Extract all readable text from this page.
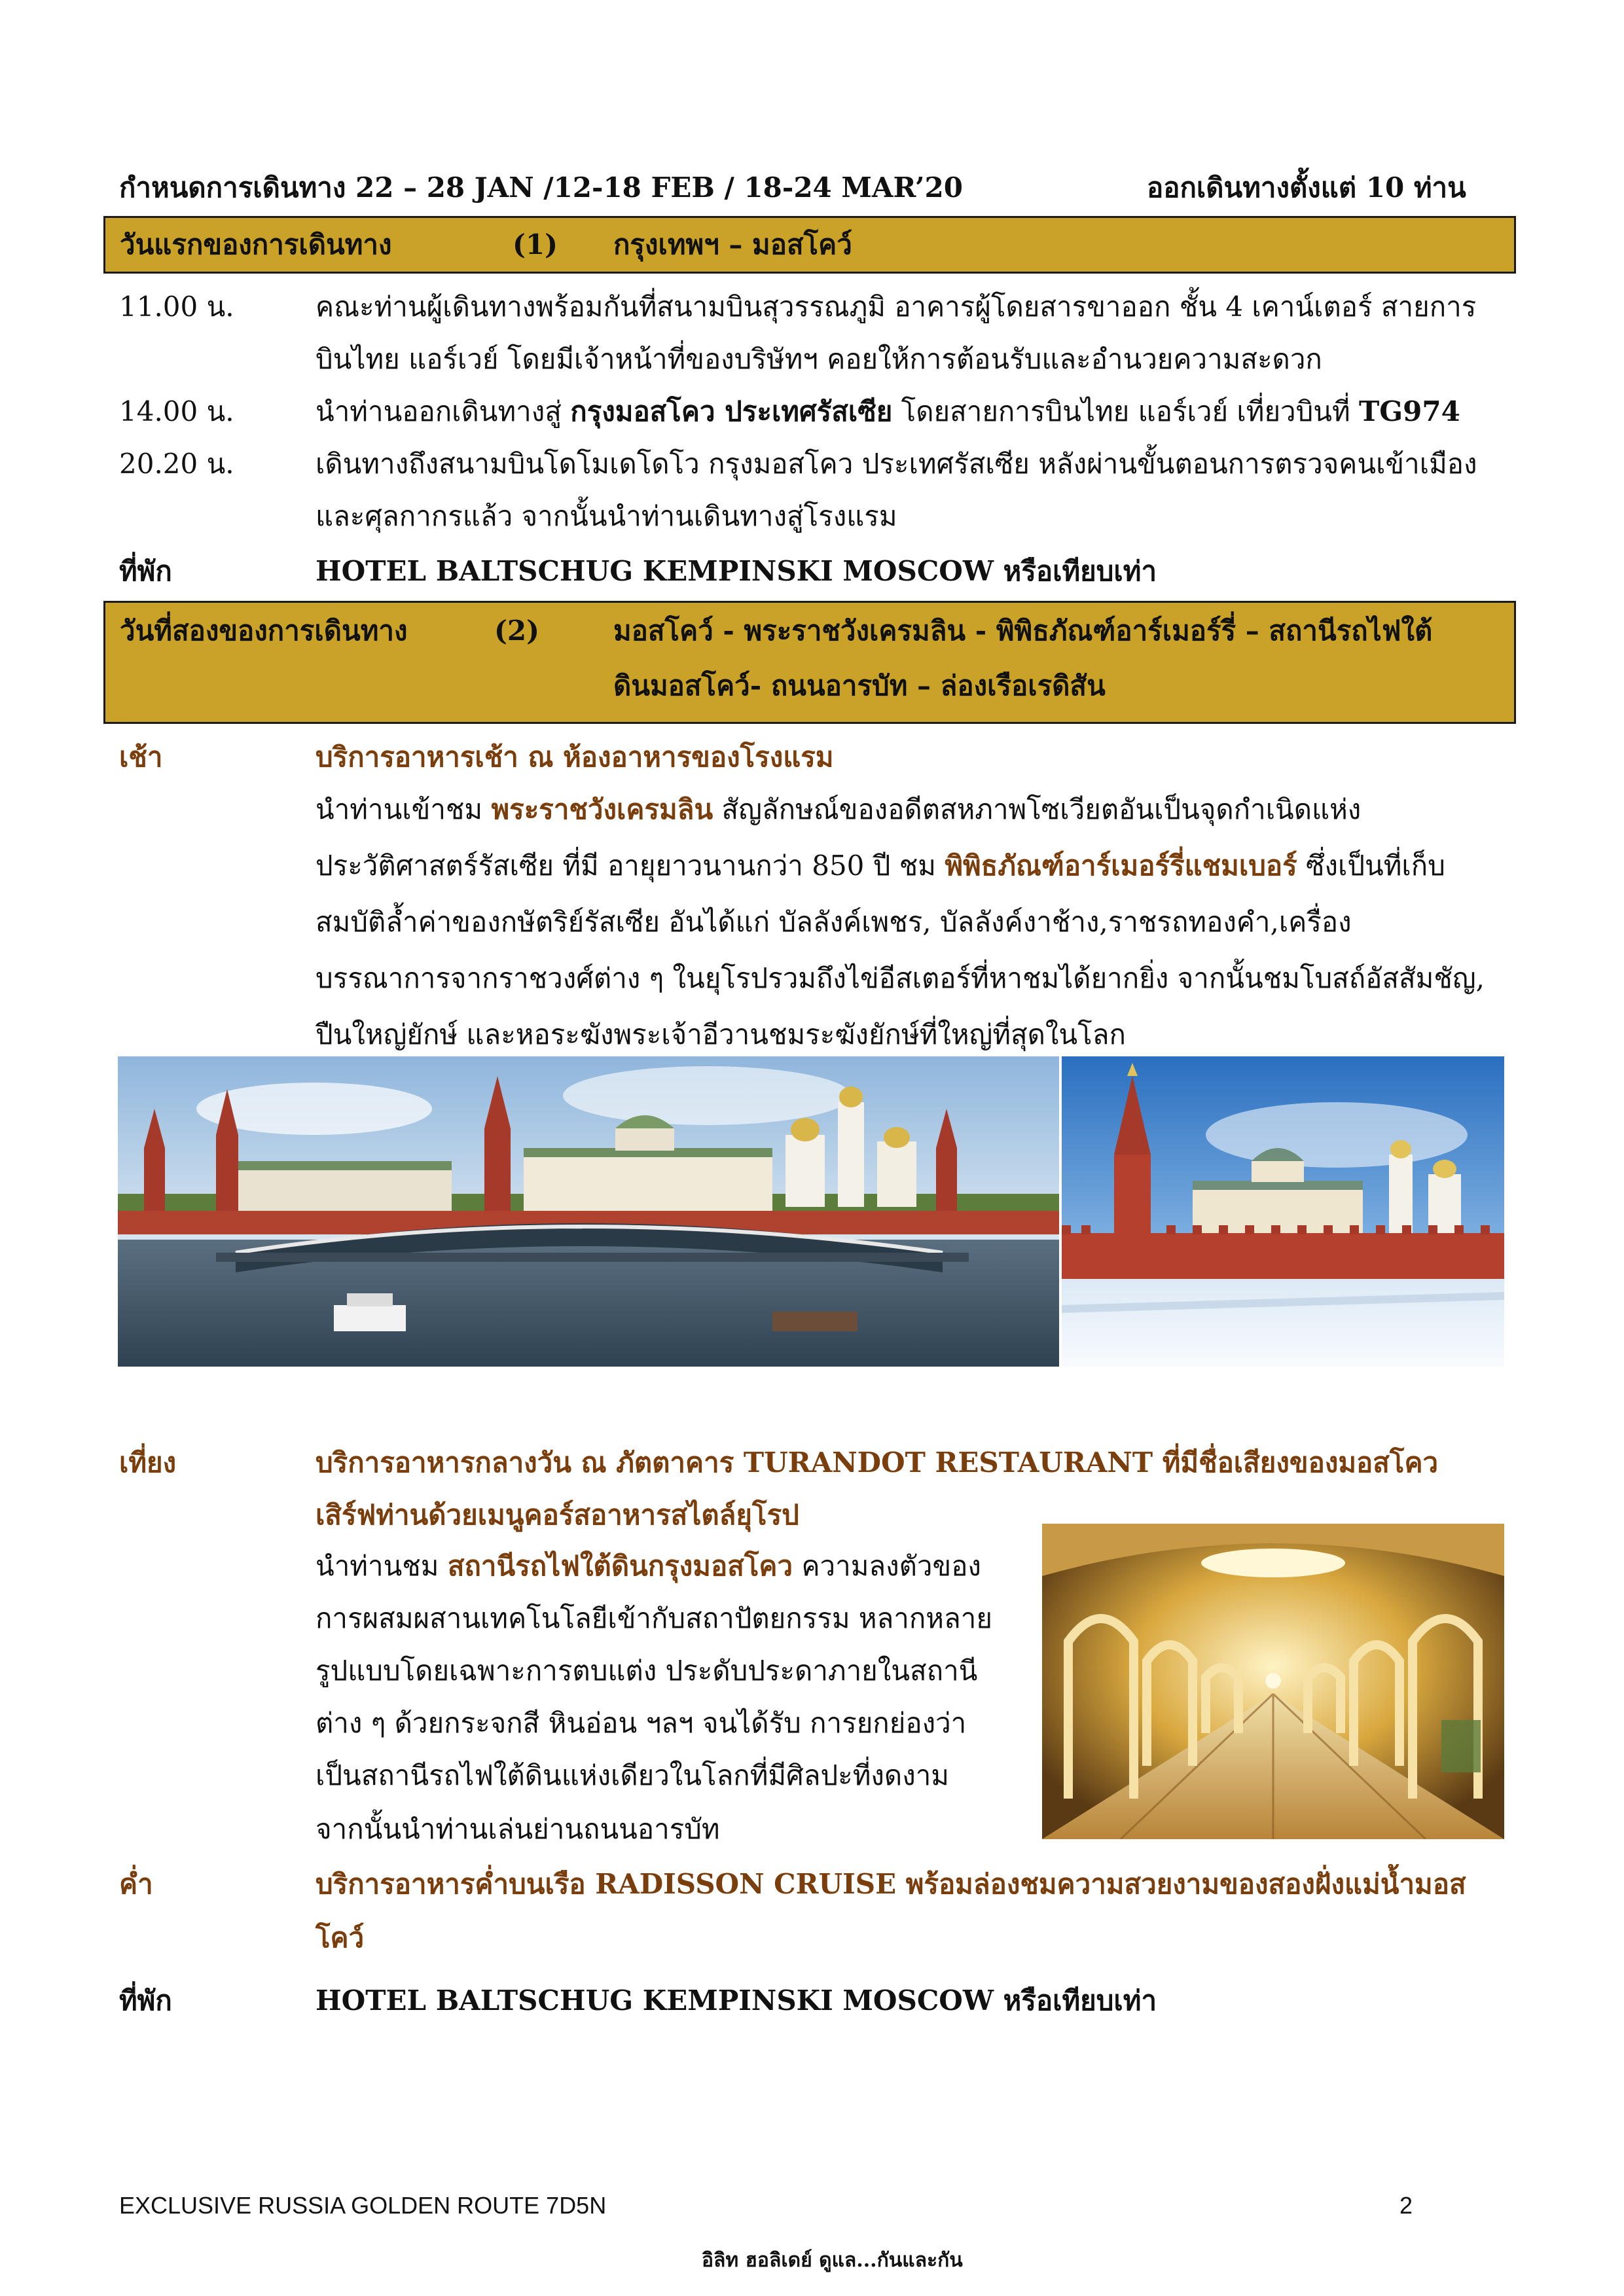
กำหนดการเดินทาง 22 – 28 JAN /12-18 FEB / 18-24 MAR’20	ออกเดินทางตั้งแต่ 10 ท่าน
วันแรกของการเดินทาง	(1) กรุงเทพฯ – มอสโคว์
11.00 น.	คณะท่านผู้เดินทางพร้อมกันที่สนามบินสุวรรณภูมิ อาคารผู้โดยสารขาออก ชั้น 4 เคาน์เตอร์ สายการ
บินไทย แอร์เวย์ โดยมีเจ้าหน้าที่ของบริษัทฯ คอยให้การต้อนรับและอำนวยความสะดวก
14.00 น.	นำท่านออกเดินทางสู่ กรุงมอสโคว ประเทศรัสเซีย โดยสายการบินไทย แอร์เวย์ เที่ยวบินที่ TG974
20.20 น.	เดินทางถึงสนามบินโดโมเดโดโว กรุงมอสโคว ประเทศรัสเซีย หลังผ่านขั้นตอนการตรวจคนเข้าเมือง
และศุลกากรแล้ว จากนั้นนำท่านเดินทางสู่โรงแรม
ที่พัก	HOTEL BALTSCHUG KEMPINSKI MOSCOW หรือเทียบเท่า
วันที่สองของการเดินทาง	(2)	มอสโคว์ - พระราชวังเครมลิน - พิพิธภัณฑ์อาร์เมอร์รี่ – สถานีรถไฟใต้
ดินมอสโคว์- ถนนอารบัท – ล่องเรือเรดิสัน
เช้า	บริการอาหารเช้า ณ ห้องอาหารของโรงแรม
นำท่านเข้าชม พระราชวังเครมลิน สัญลักษณ์ของอดีตสหภาพโซเวียตอันเป็นจุดกำเนิดแห่ง
ประวัติศาสตร์รัสเซีย ที่มี อายุยาวนานกว่า 850 ปี ชม พิพิธภัณฑ์อาร์เมอร์รี่แชมเบอร์ ซึ่งเป็นที่เก็บ
สมบัติล้ำค่าของกษัตริย์รัสเซีย อันได้แก่ บัลลังค์เพชร, บัลลังค์งาช้าง,ราชรถทองคำ,เครื่อง
บรรณาการจากราชวงศ์ต่าง ๆ ในยุโรปรวมถึงไข่อีสเตอร์ที่หาชมได้ยากยิ่ง จากนั้นชมโบสถ์อัสสัมชัญ,
ปืนใหญ่ยักษ์ และหอระฆังพระเจ้าอีวานชมระฆังยักษ์ที่ใหญ่ที่สุดในโลก
เที่ยง	บริการอาหารกลางวัน ณ ภัตตาคาร TURANDOT RESTAURANT ที่มีชื่อเสียงของมอสโคว
เสิร์ฟท่านด้วยเมนูคอร์สอาหารสไตล์ยุโรป
นำท่านชม สถานีรถไฟใต้ดินกรุงมอสโคว ความลงตัวของ
การผสมผสานเทคโนโลยีเข้ากับสถาปัตยกรรม หลากหลาย
รูปแบบโดยเฉพาะการตบแต่ง ประดับประดาภายในสถานี
ต่าง ๆ ด้วยกระจกสี หินอ่อน ฯลฯ จนได้รับ การยกย่องว่า
เป็นสถานีรถไฟใต้ดินแห่งเดียวในโลกที่มีศิลปะที่งดงาม
จากนั้นนำท่านเล่นย่านถนนอารบัท
ค่ำ	บริการอาหารค่ำบนเรือ RADISSON CRUISE พร้อมล่องชมความสวยงามของสองฝั่งแม่น้ำมอส
โคว์
ที่พัก	HOTEL BALTSCHUG KEMPINSKI MOSCOW หรือเทียบเท่า
EXCLUSIVE RUSSIA GOLDEN ROUTE 7D5N	2
อิลิท ฮอลิเดย์ ดูแล...กันและกัน
